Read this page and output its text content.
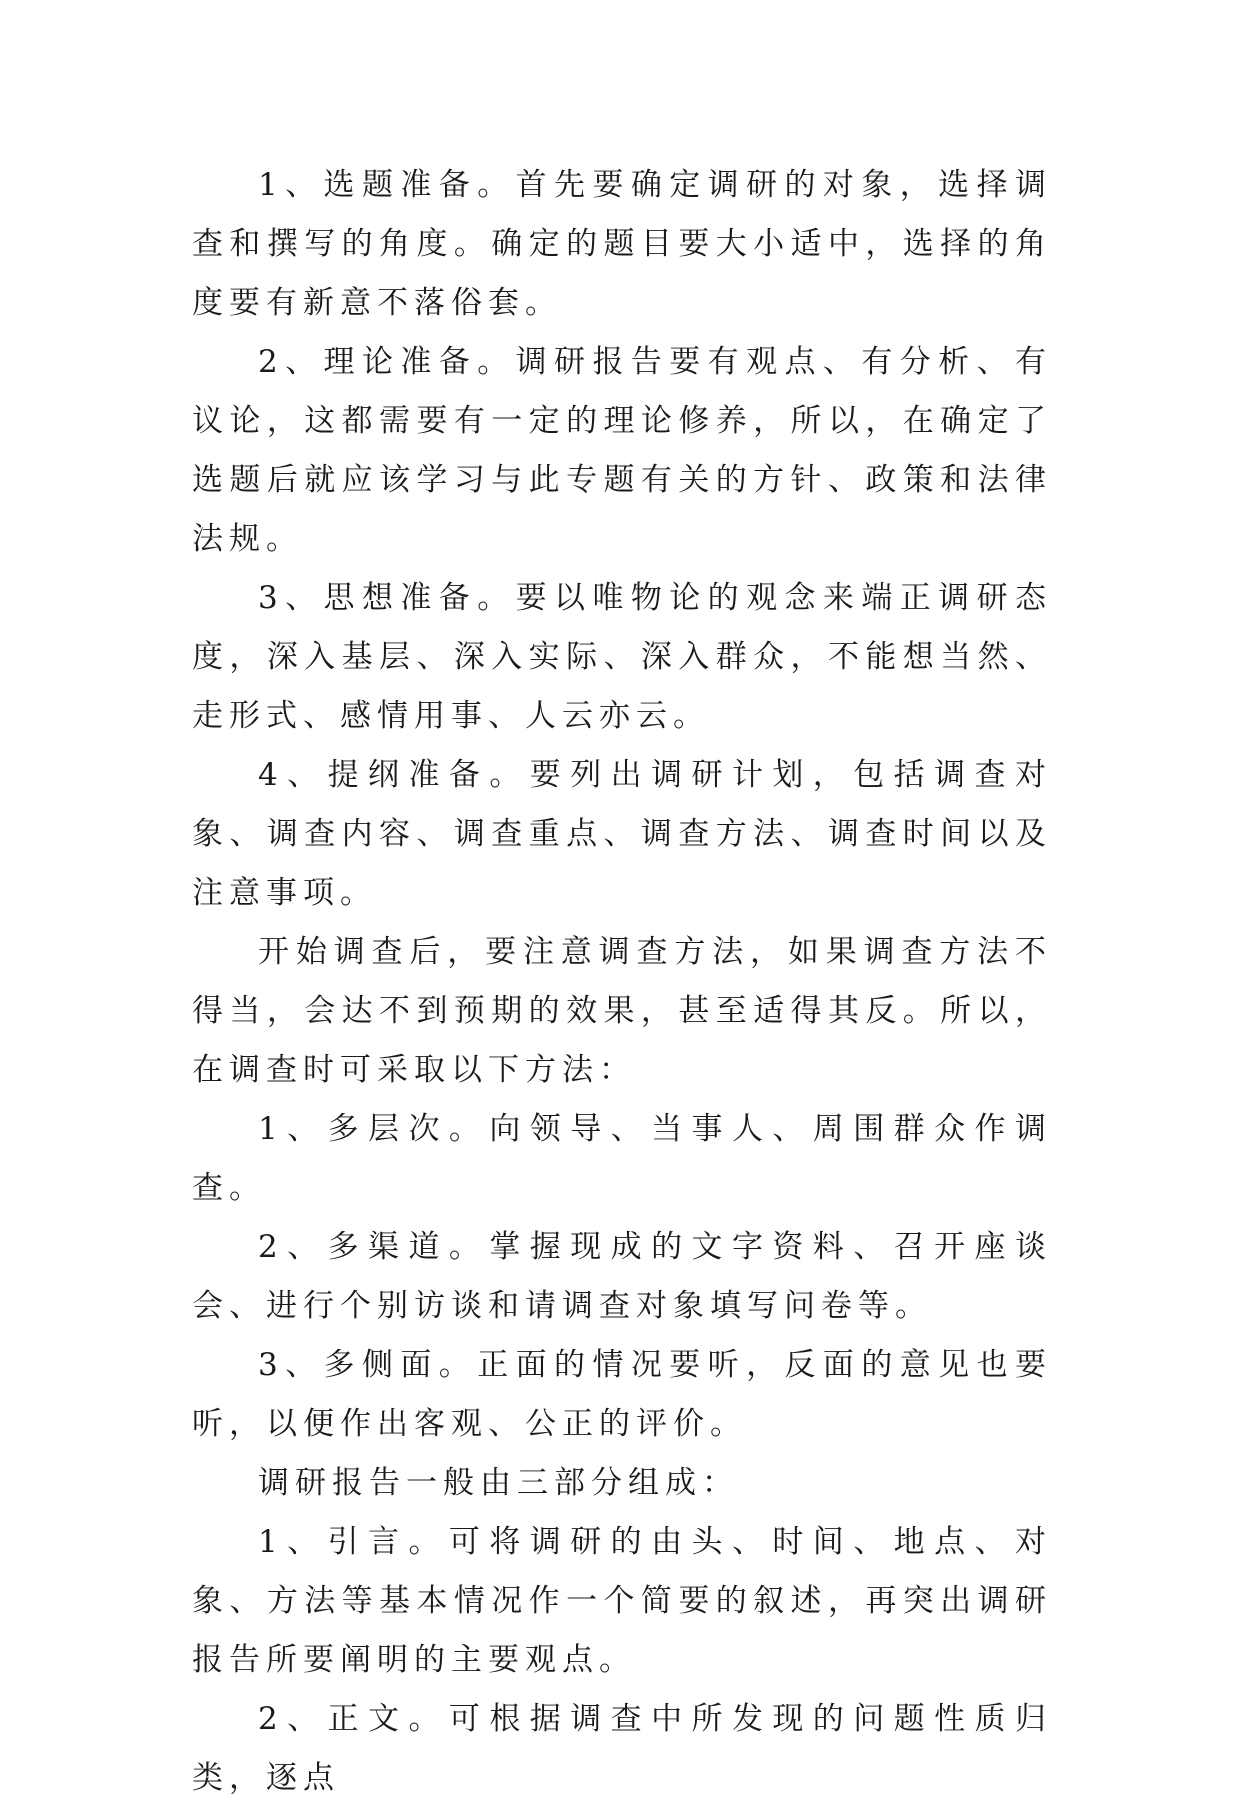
1、选题准备。首先要确定调研的对象，选择调查和撰写的角度。确定的题目要大小适中，选择的角度要有新意不落俗套。

2、理论准备。调研报告要有观点、有分析、有议论，这都需要有一定的理论修养，所以，在确定了选题后就应该学习与此专题有关的方针、政策和法律法规。

3、思想准备。要以唯物论的观念来端正调研态度，深入基层、深入实际、深入群众，不能想当然、走形式、感情用事、人云亦云。

4、提纲准备。要列出调研计划，包括调查对象、调查内容、调查重点、调查方法、调查时间以及注意事项。

开始调查后，要注意调查方法，如果调查方法不得当，会达不到预期的效果，甚至适得其反。所以，在调查时可采取以下方法：

1、多层次。向领导、当事人、周围群众作调查。

2、多渠道。掌握现成的文字资料、召开座谈会、进行个别访谈和请调查对象填写问卷等。

3、多侧面。正面的情况要听，反面的意见也要听，以便作出客观、公正的评价。

调研报告一般由三部分组成：

1、引言。可将调研的由头、时间、地点、对象、方法等基本情况作一个简要的叙述，再突出调研报告所要阐明的主要观点。

2、正文。可根据调查中所发现的问题性质归类，逐点
